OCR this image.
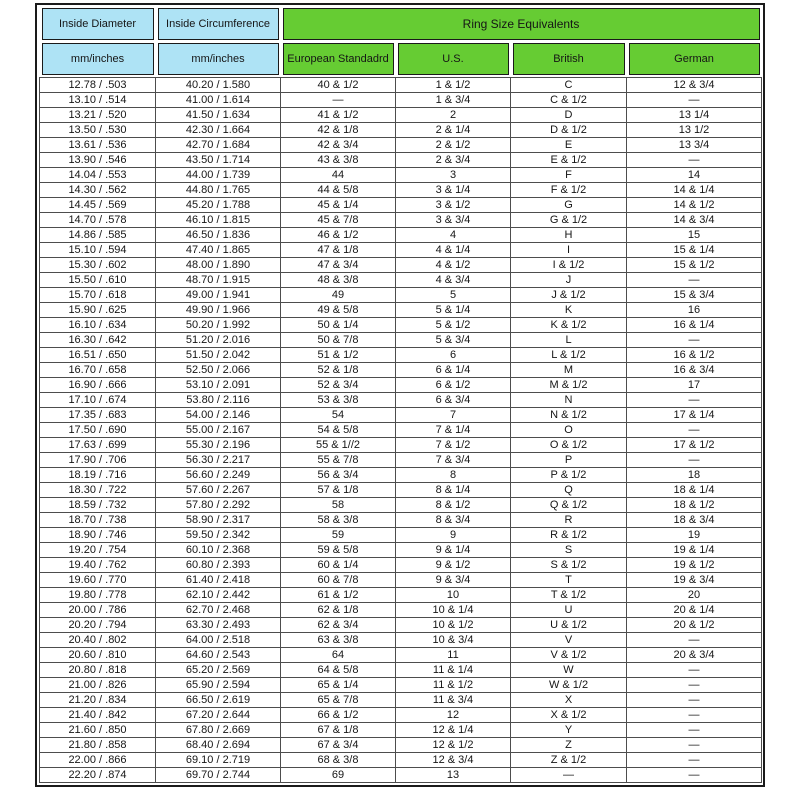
Inside Diameter	Inside Circumference	Ring Size Equivalents			

mm/inches	mm/inches	European Standadrd	U.S.	British	German

12.78 / .503	40.20 / 1.580	40 & 1/2	1 & 1/2	C	12 & 3/4
13.10 / .514	41.00 / 1.614	—	1 & 3/4	C & 1/2	—
13.21 / .520	41.50 / 1.634	41 & 1/2	2	D	13 1/4
13.50 / .530	42.30 / 1.664	42 & 1/8	2 & 1/4	D & 1/2	13 1/2
13.61 / .536	42.70 / 1.684	42 & 3/4	2 & 1/2	E	13 3/4
13.90 / .546	43.50 / 1.714	43 & 3/8	2 & 3/4	E & 1/2	—
14.04 / .553	44.00 / 1.739	44	3	F	14
14.30 / .562	44.80 / 1.765	44 & 5/8	3 & 1/4	F & 1/2	14 & 1/4
14.45 / .569	45.20 / 1.788	45 & 1/4	3 & 1/2	G	14 & 1/2
14.70 / .578	46.10 / 1.815	45 & 7/8	3 & 3/4	G & 1/2	14 & 3/4
14.86 / .585	46.50 / 1.836	46 & 1/2	4	H	15
15.10 / .594	47.40 / 1.865	47 & 1/8	4 & 1/4	I	15 & 1/4
15.30 / .602	48.00 / 1.890	47 & 3/4	4 & 1/2	I & 1/2	15 & 1/2
15.50 / .610	48.70 / 1.915	48 & 3/8	4 & 3/4	J	—
15.70 / .618	49.00 / 1.941	49	5	J & 1/2	15 & 3/4
15.90 / .625	49.90 / 1.966	49 & 5/8	5 & 1/4	K	16
16.10 / .634	50.20 / 1.992	50 & 1/4	5 & 1/2	K & 1/2	16 & 1/4
16.30 / .642	51.20 / 2.016	50 & 7/8	5 & 3/4	L	—
16.51 / .650	51.50 / 2.042	51 & 1/2	6	L & 1/2	16 & 1/2
16.70 / .658	52.50 / 2.066	52 & 1/8	6 & 1/4	M	16 & 3/4
16.90 / .666	53.10 / 2.091	52 & 3/4	6 & 1/2	M & 1/2	17
17.10 / .674	53.80 / 2.116	53 & 3/8	6 & 3/4	N	—
17.35 / .683	54.00 / 2.146	54	7	N & 1/2	17 & 1/4
17.50 / .690	55.00 / 2.167	54 & 5/8	7 & 1/4	O	—
17.63 / .699	55.30 / 2.196	55 & 1//2	7 & 1/2	O & 1/2	17 & 1/2
17.90 / .706	56.30 / 2.217	55 & 7/8	7 & 3/4	P	—
18.19 / .716	56.60 / 2.249	56 & 3/4	8	P & 1/2	18
18.30 / .722	57.60 / 2.267	57 & 1/8	8 & 1/4	Q	18 & 1/4
18.59 / .732	57.80 / 2.292	58	8 & 1/2	Q & 1/2	18 & 1/2
18.70 / .738	58.90 / 2.317	58 & 3/8	8 & 3/4	R	18 & 3/4
18.90 / .746	59.50 / 2.342	59	9	R & 1/2	19
19.20 / .754	60.10 / 2.368	59 & 5/8	9 & 1/4	S	19 & 1/4
19.40 / .762	60.80 / 2.393	60 & 1/4	9 & 1/2	S & 1/2	19 & 1/2
19.60 / .770	61.40 / 2.418	60 & 7/8	9 & 3/4	T	19 & 3/4
19.80 / .778	62.10 / 2.442	61 & 1/2	10	T & 1/2	20
20.00 / .786	62.70 / 2.468	62 & 1/8	10 & 1/4	U	20 & 1/4
20.20 / .794	63.30 / 2.493	62 & 3/4	10 & 1/2	U & 1/2	20 & 1/2
20.40 / .802	64.00 / 2.518	63 & 3/8	10 & 3/4	V	—
20.60 / .810	64.60 / 2.543	64	11	V & 1/2	20 & 3/4
20.80 / .818	65.20 / 2.569	64 & 5/8	11 & 1/4	W	—
21.00 / .826	65.90 / 2.594	65 & 1/4	11 & 1/2	W & 1/2	—
21.20 / .834	66.50 / 2.619	65 & 7/8	11 & 3/4	X	—
21.40 / .842	67.20 / 2.644	66 & 1/2	12	X & 1/2	—
21.60 / .850	67.80 / 2.669	67 & 1/8	12 & 1/4	Y	—
21.80 / .858	68.40 / 2.694	67 & 3/4	12 & 1/2	Z	—
22.00 / .866	69.10 / 2.719	68 & 3/8	12 & 3/4	Z & 1/2	—
22.20 / .874	69.70 / 2.744	69	13	—	—
